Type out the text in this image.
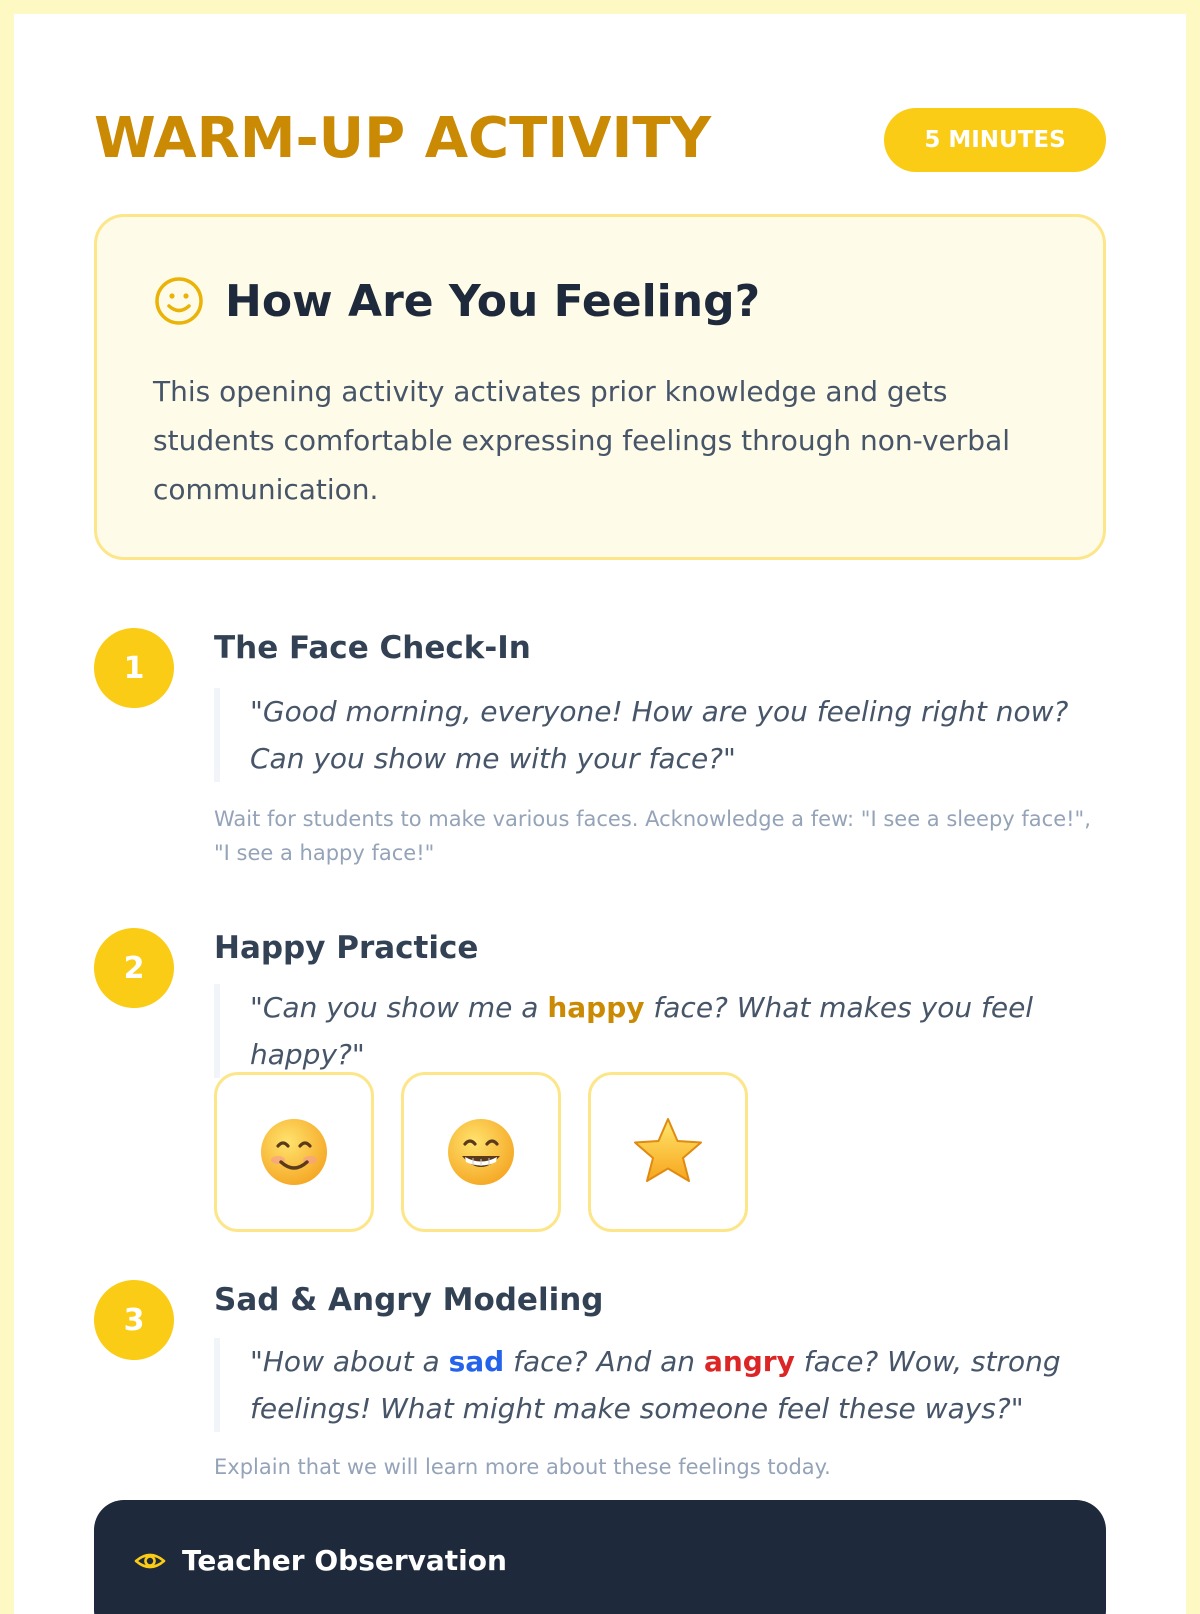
WARM-UP ACTIVITY	5 MINUTES
How Are You Feeling?
This opening activity activates prior knowledge and gets students comfortable expressing feelings through non-verbal communication.
1
The Face Check-In
"Good morning, everyone! How are you feeling right now? Can you show me with your face?"
Wait for students to make various faces. Acknowledge a few: "I see a sleepy face!", "I see a happy face!"
2
Happy Practice
"Can you show me a happy face? What makes you feel happy?"
3
Sad & Angry Modeling
"How about a sad face? And an angry face? Wow, strong feelings! What might make someone feel these ways?"
Explain that we will learn more about these feelings today.
Teacher Observation
